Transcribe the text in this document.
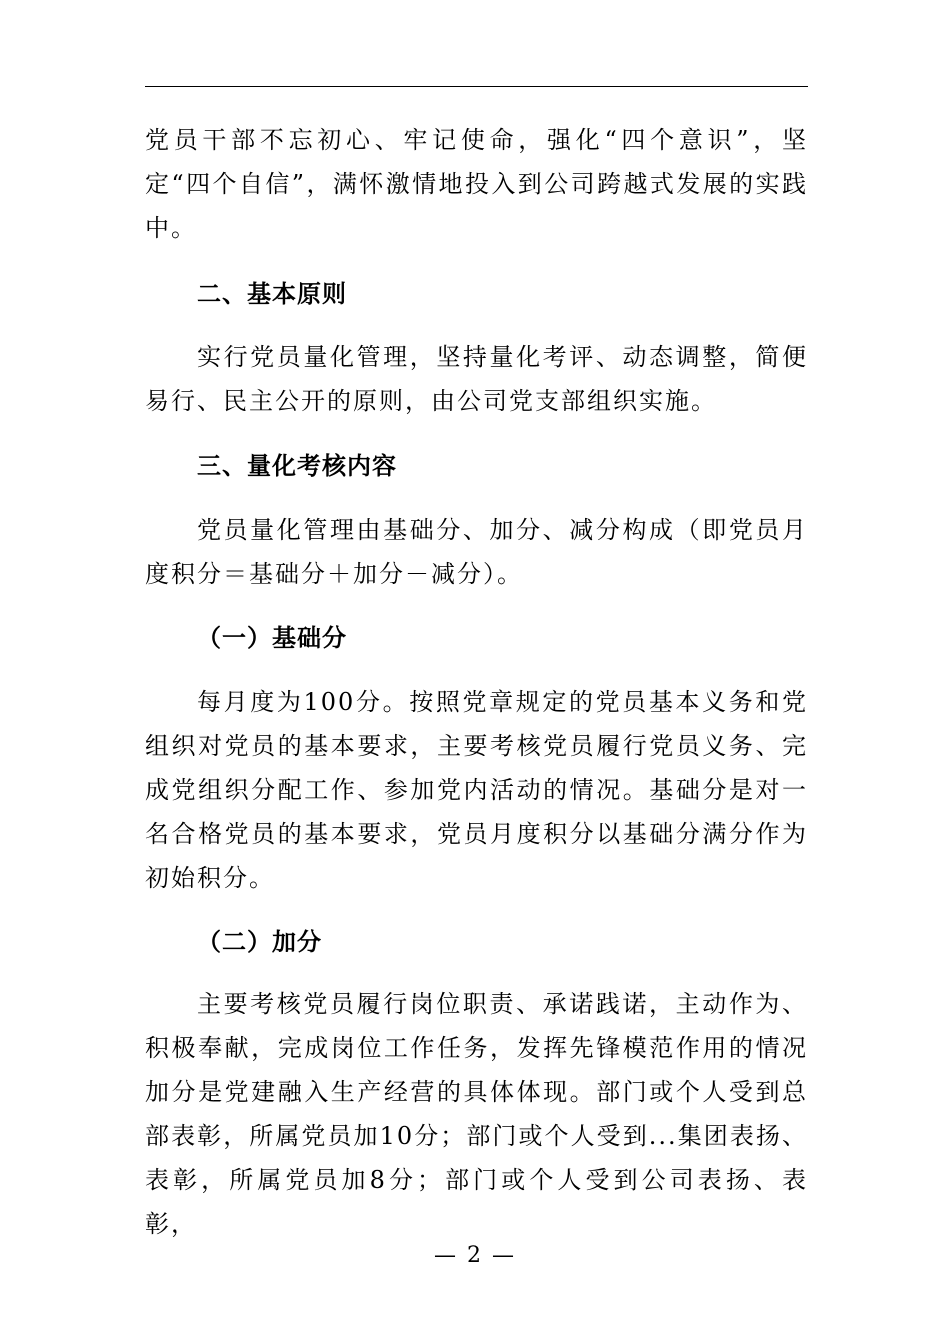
党员干部不忘初心、牢记使命，强化“四个意识”，坚定“四个自信”，满怀激情地投入到公司跨越式发展的实践中。

二、基本原则

实行党员量化管理，坚持量化考评、动态调整，简便易行、民主公开的原则，由公司党支部组织实施。

三、量化考核内容

党员量化管理由基础分、加分、减分构成（即党员月度积分＝基础分＋加分－减分）。

（一）基础分

每月度为100分。按照党章规定的党员基本义务和党组织对党员的基本要求，主要考核党员履行党员义务、完成党组织分配工作、参加党内活动的情况。基础分是对一名合格党员的基本要求，党员月度积分以基础分满分作为初始积分。

（二）加分

主要考核党员履行岗位职责、承诺践诺，主动作为、积极奉献，完成岗位工作任务，发挥先锋模范作用的情况加分是党建融入生产经营的具体体现。部门或个人受到总部表彰，所属党员加10分；部门或个人受到...集团表扬、表彰，所属党员加8分；部门或个人受到公司表扬、表彰，

— 2 —
